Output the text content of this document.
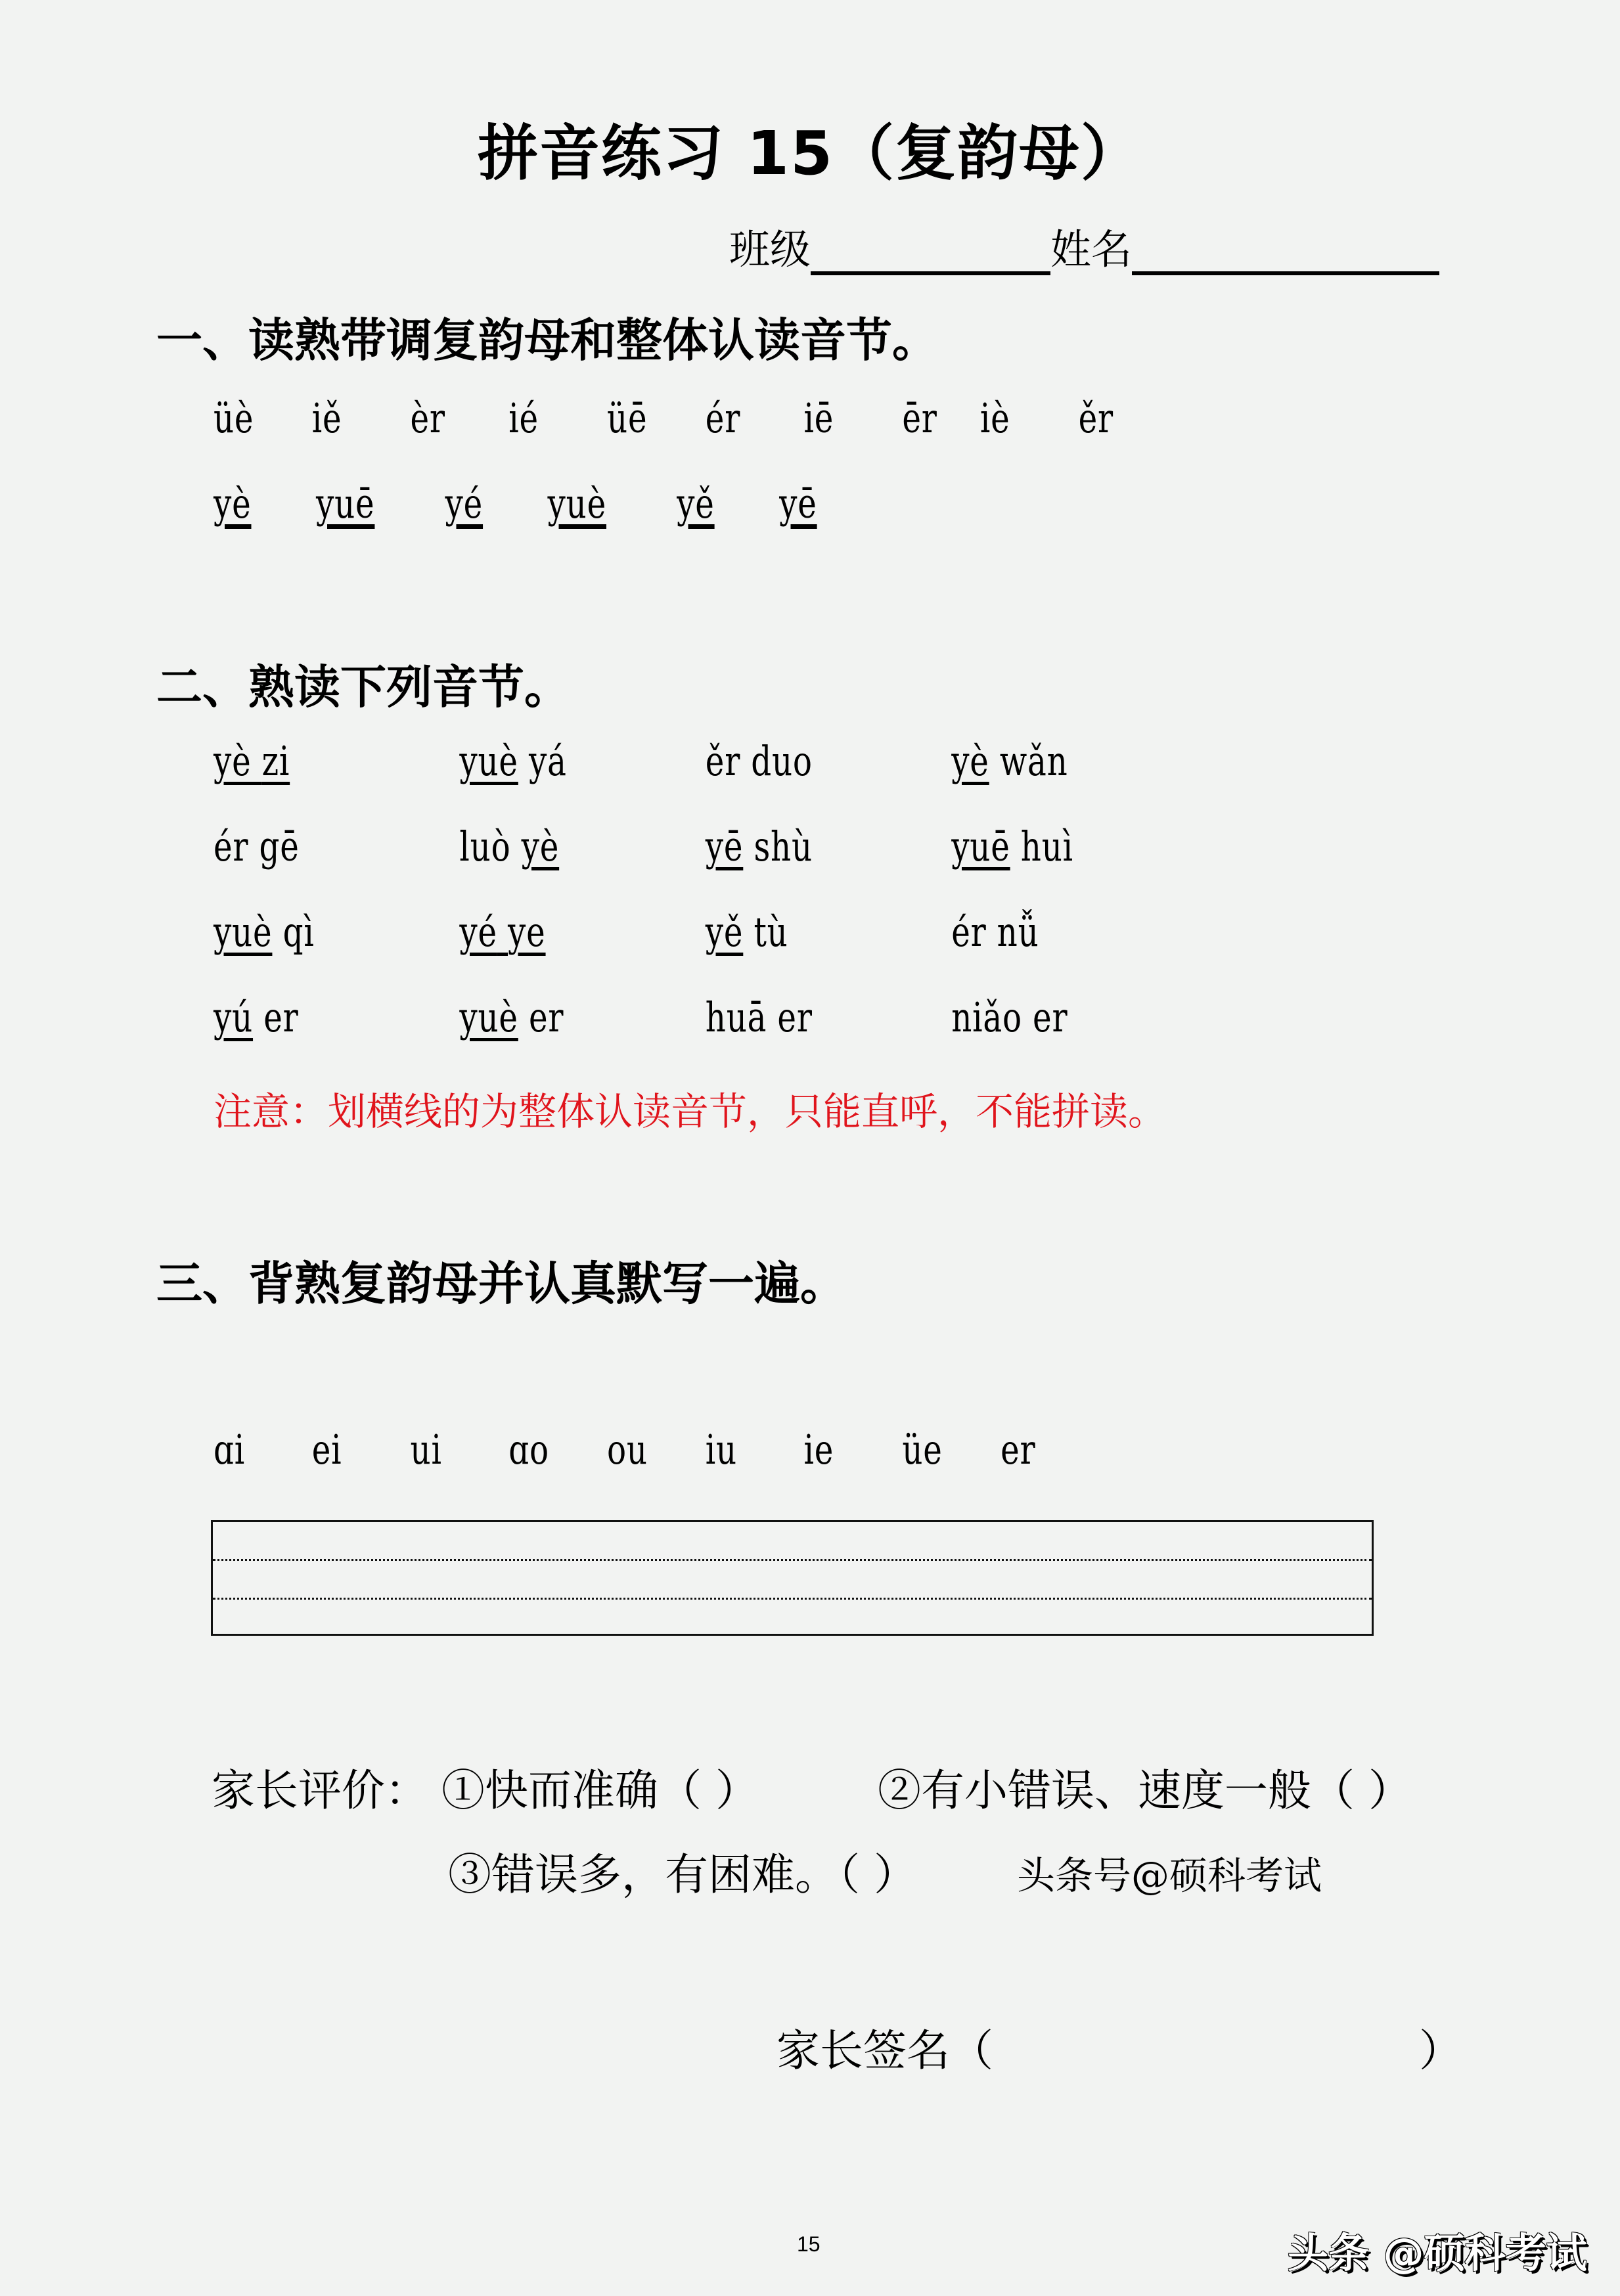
拼音练习 15（复韵母）
班级	姓名
一、读熟带调复韵母和整体认读音节。
üè	iě	èr	ié	üē	ér	iē	ēr	iè	ěr
yè	yuē	yé	yuè	yě	yē
二、熟读下列音节。
yè zi	yuè yá	ěr duo	yè wǎn
ér gē	luò yè	yē shù	yuē huì
yuè qì	yé ye	yě tù	ér nǚ
yú er	yuè er	huā er	niǎo er
注意：划横线的为整体认读音节，只能直呼，不能拼读。
三、背熟复韵母并认真默写一遍。
ɑi	ei	ui	ɑo	ou	iu	ie	üe	er
家长评价： ①快而准确（ ）	②有小错误、速度一般（ ）
③错误多，有困难。（ ）	头条号@硕科考试
家长签名（	）
15	头条 @硕科考试
